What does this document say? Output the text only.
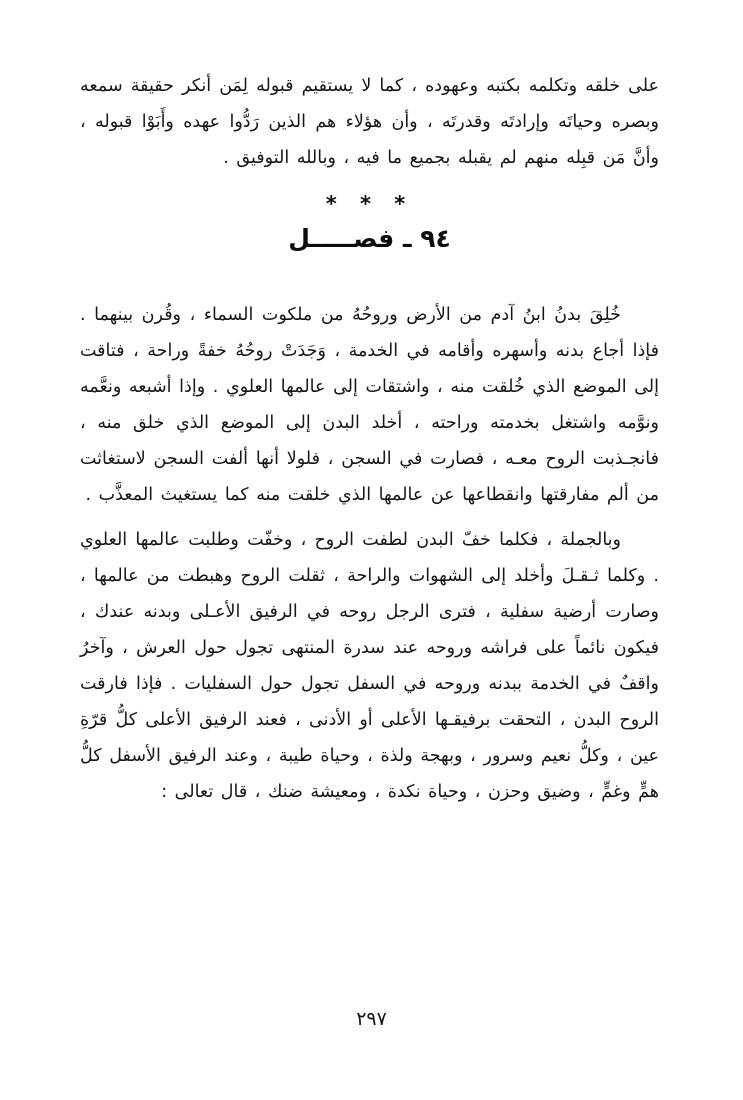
على خلقه وتكلمه بكتبه وعهوده ، كما لا يستقيم قبوله لِمَن أنكر حقيقة سمعه وبصره وحياتَه وإرادتَه وقدرتَه ، وأن هؤلاء هم الذين رَدُّوا عهده وأَبَوْا قبوله ، وأنَّ مَن قبِله منهم لم يقبله بجميع ما فيه ، وبالله التوفيق .

* * *
٩٤ ـ فصـــــل

خُلِقَ بدنُ ابنُ آدم من الأرض وروحُهُ من ملكوت السماء ، وقُرن بينهما . فإذا أجاع بدنه وأسهره وأقامه في الخدمة ، وَجَدَتْ روحُهُ خفةً وراحة ، فتاقت إلى الموضع الذي خُلقت منه ، واشتقات إلى عالمها العلوي . وإذا أشبعه ونعَّمه ونوَّمه واشتغل بخدمته وراحته ، أخلد البدن إلى الموضع الذي خلق منه ، فانجـذبت الروح معـه ، فصارت في السجن ، فلولا أنها ألفت السجن لاستغاثت من ألم مفارقتها وانقطاعها عن عالمها الذي خلقت منه كما يستغيث المعذَّب .

وبالجملة ، فكلما خفّ البدن لطفت الروح ، وخفّت وطلبت عالمها العلوي . وكلما ثـقـلَ وأخلد إلى الشهوات والراحة ، ثقلت الروح وهبطت من عالمها ، وصارت أرضية سفلية ، فترى الرجل روحه في الرفيق الأعـلى وبدنه عندك ، فيكون نائماً على فراشه وروحه عند سدرة المنتهى تجول حول العرش ، وآخرُ واقفٌ في الخدمة ببدنه وروحه في السفل تجول حول السفليات . فإذا فارقت الروح البدن ، التحقت برفيقـها الأعلى أو الأدنى ، فعند الرفيق الأعلى كلُّ قرّةِ عين ، وكلُّ نعيم وسرور ، وبهجة ولذة ، وحياة طيبة ، وعند الرفيق الأسفل كلُّ همٍّ وغمٍّ ، وضيق وحزن ، وحياة نكدة ، ومعيشة ضنك ، قال تعالى :

٢٩٧
